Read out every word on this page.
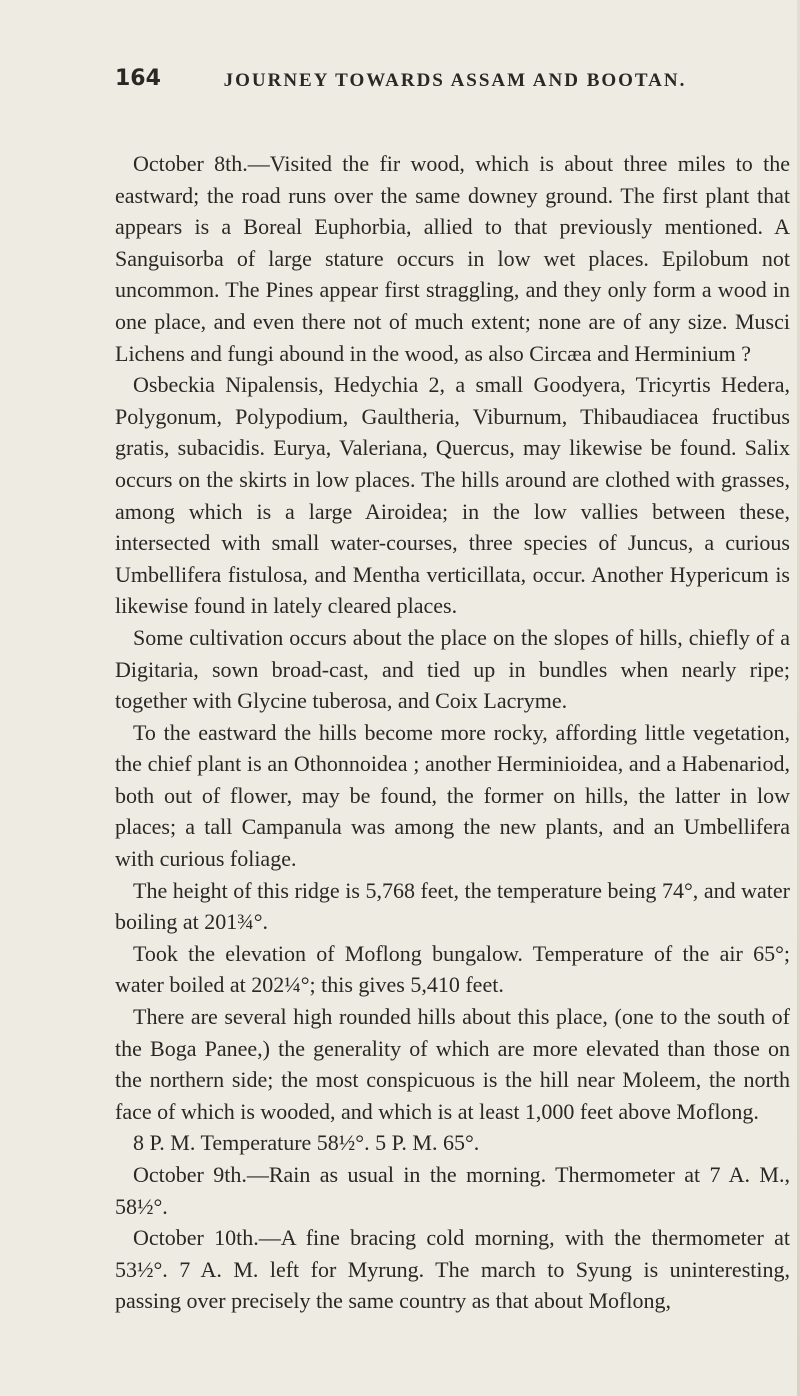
164	JOURNEY TOWARDS ASSAM AND BOOTAN.

October 8th.—Visited the fir wood, which is about three miles to the eastward; the road runs over the same downey ground. The first plant that appears is a Boreal Euphorbia, allied to that previously mentioned. A Sanguisorba of large stature occurs in low wet places. Epilobum not uncommon. The Pines appear first straggling, and they only form a wood in one place, and even there not of much extent; none are of any size. Musci Lichens and fungi abound in the wood, as also Circæa and Herminium ?

Osbeckia Nipalensis, Hedychia 2, a small Goodyera, Tricyrtis Hedera, Polygonum, Polypodium, Gaultheria, Viburnum, Thibaudiacea fructibus gratis, subacidis. Eurya, Valeriana, Quercus, may likewise be found. Salix occurs on the skirts in low places. The hills around are clothed with grasses, among which is a large Airoidea; in the low vallies between these, intersected with small water-courses, three species of Juncus, a curious Umbellifera fistulosa, and Mentha verticillata, occur. Another Hypericum is likewise found in lately cleared places.

Some cultivation occurs about the place on the slopes of hills, chiefly of a Digitaria, sown broad-cast, and tied up in bundles when nearly ripe; together with Glycine tuberosa, and Coix Lacryme.

To the eastward the hills become more rocky, affording little vegetation, the chief plant is an Othonnoidea ; another Herminioidea, and a Habenariod, both out of flower, may be found, the former on hills, the latter in low places; a tall Campanula was among the new plants, and an Umbellifera with curious foliage.

The height of this ridge is 5,768 feet, the temperature being 74°, and water boiling at 201¾°.

Took the elevation of Moflong bungalow. Temperature of the air 65°; water boiled at 202¼°; this gives 5,410 feet.

There are several high rounded hills about this place, (one to the south of the Boga Panee,) the generality of which are more elevated than those on the northern side; the most conspicuous is the hill near Moleem, the north face of which is wooded, and which is at least 1,000 feet above Moflong.

8 P. M. Temperature 58½°. 5 P. M. 65°.

October 9th.—Rain as usual in the morning. Thermometer at 7 A. M., 58½°.

October 10th.—A fine bracing cold morning, with the thermometer at 53½°. 7 A. M. left for Myrung. The march to Syung is uninteresting, passing over precisely the same country as that about Moflong,
